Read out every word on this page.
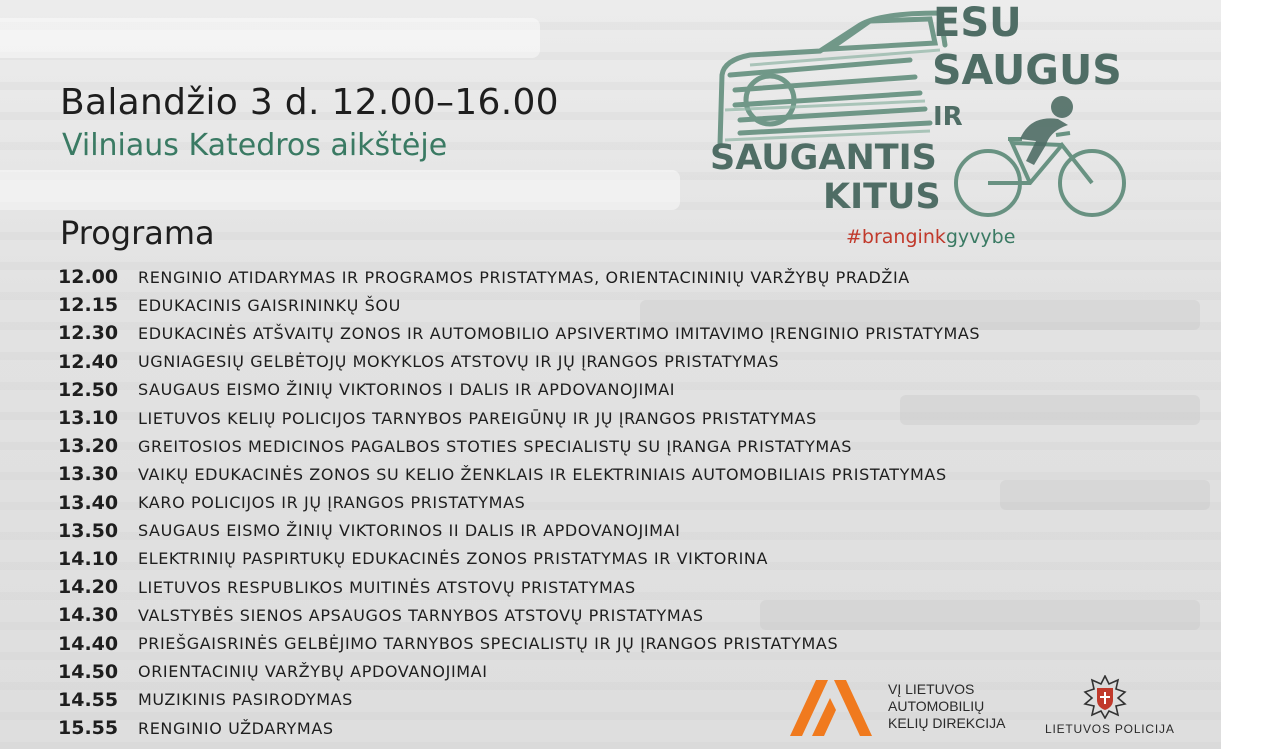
Balandžio 3 d. 12.00–16.00
Vilniaus Katedros aikštėje
Programa
12.00	RENGINIO ATIDARYMAS IR PROGRAMOS PRISTATYMAS, ORIENTACININIŲ VARŽYBŲ PRADŽIA
12.15	EDUKACINIS GAISRININKŲ ŠOU
12.30	EDUKACINĖS ATŠVAITŲ ZONOS IR AUTOMOBILIO APSIVERTIMO IMITAVIMO ĮRENGINIO PRISTATYMAS
12.40	UGNIAGESIŲ GELBĖTOJŲ MOKYKLOS ATSTOVŲ IR JŲ ĮRANGOS PRISTATYMAS
12.50	SAUGAUS EISMO ŽINIŲ VIKTORINOS I DALIS IR APDOVANOJIMAI
13.10	LIETUVOS KELIŲ POLICIJOS TARNYBOS PAREIGŪNŲ IR JŲ ĮRANGOS PRISTATYMAS
13.20	GREITOSIOS MEDICINOS PAGALBOS STOTIES SPECIALISTŲ SU ĮRANGA PRISTATYMAS
13.30	VAIKŲ EDUKACINĖS ZONOS SU KELIO ŽENKLAIS IR ELEKTRINIAIS AUTOMOBILIAIS PRISTATYMAS
13.40	KARO POLICIJOS IR JŲ ĮRANGOS PRISTATYMAS
13.50	SAUGAUS EISMO ŽINIŲ VIKTORINOS II DALIS IR APDOVANOJIMAI
14.10	ELEKTRINIŲ PASPIRTUKŲ EDUKACINĖS ZONOS PRISTATYMAS IR VIKTORINA
14.20	LIETUVOS RESPUBLIKOS MUITINĖS ATSTOVŲ PRISTATYMAS
14.30	VALSTYBĖS SIENOS APSAUGOS TARNYBOS ATSTOVŲ PRISTATYMAS
14.40	PRIEŠGAISRINĖS GELBĖJIMO TARNYBOS SPECIALISTŲ IR JŲ ĮRANGOS PRISTATYMAS
14.50	ORIENTACINIŲ VARŽYBŲ APDOVANOJIMAI
14.55	MUZIKINIS PASIRODYMAS
15.55	RENGINIO UŽDARYMAS
ESU
SAUGUS
IR
SAUGANTIS
KITUS
#branginkgyvybe
VĮ LIETUVOS
AUTOMOBILIŲ
KELIŲ DIREKCIJA	LIETUVOS POLICIJA
